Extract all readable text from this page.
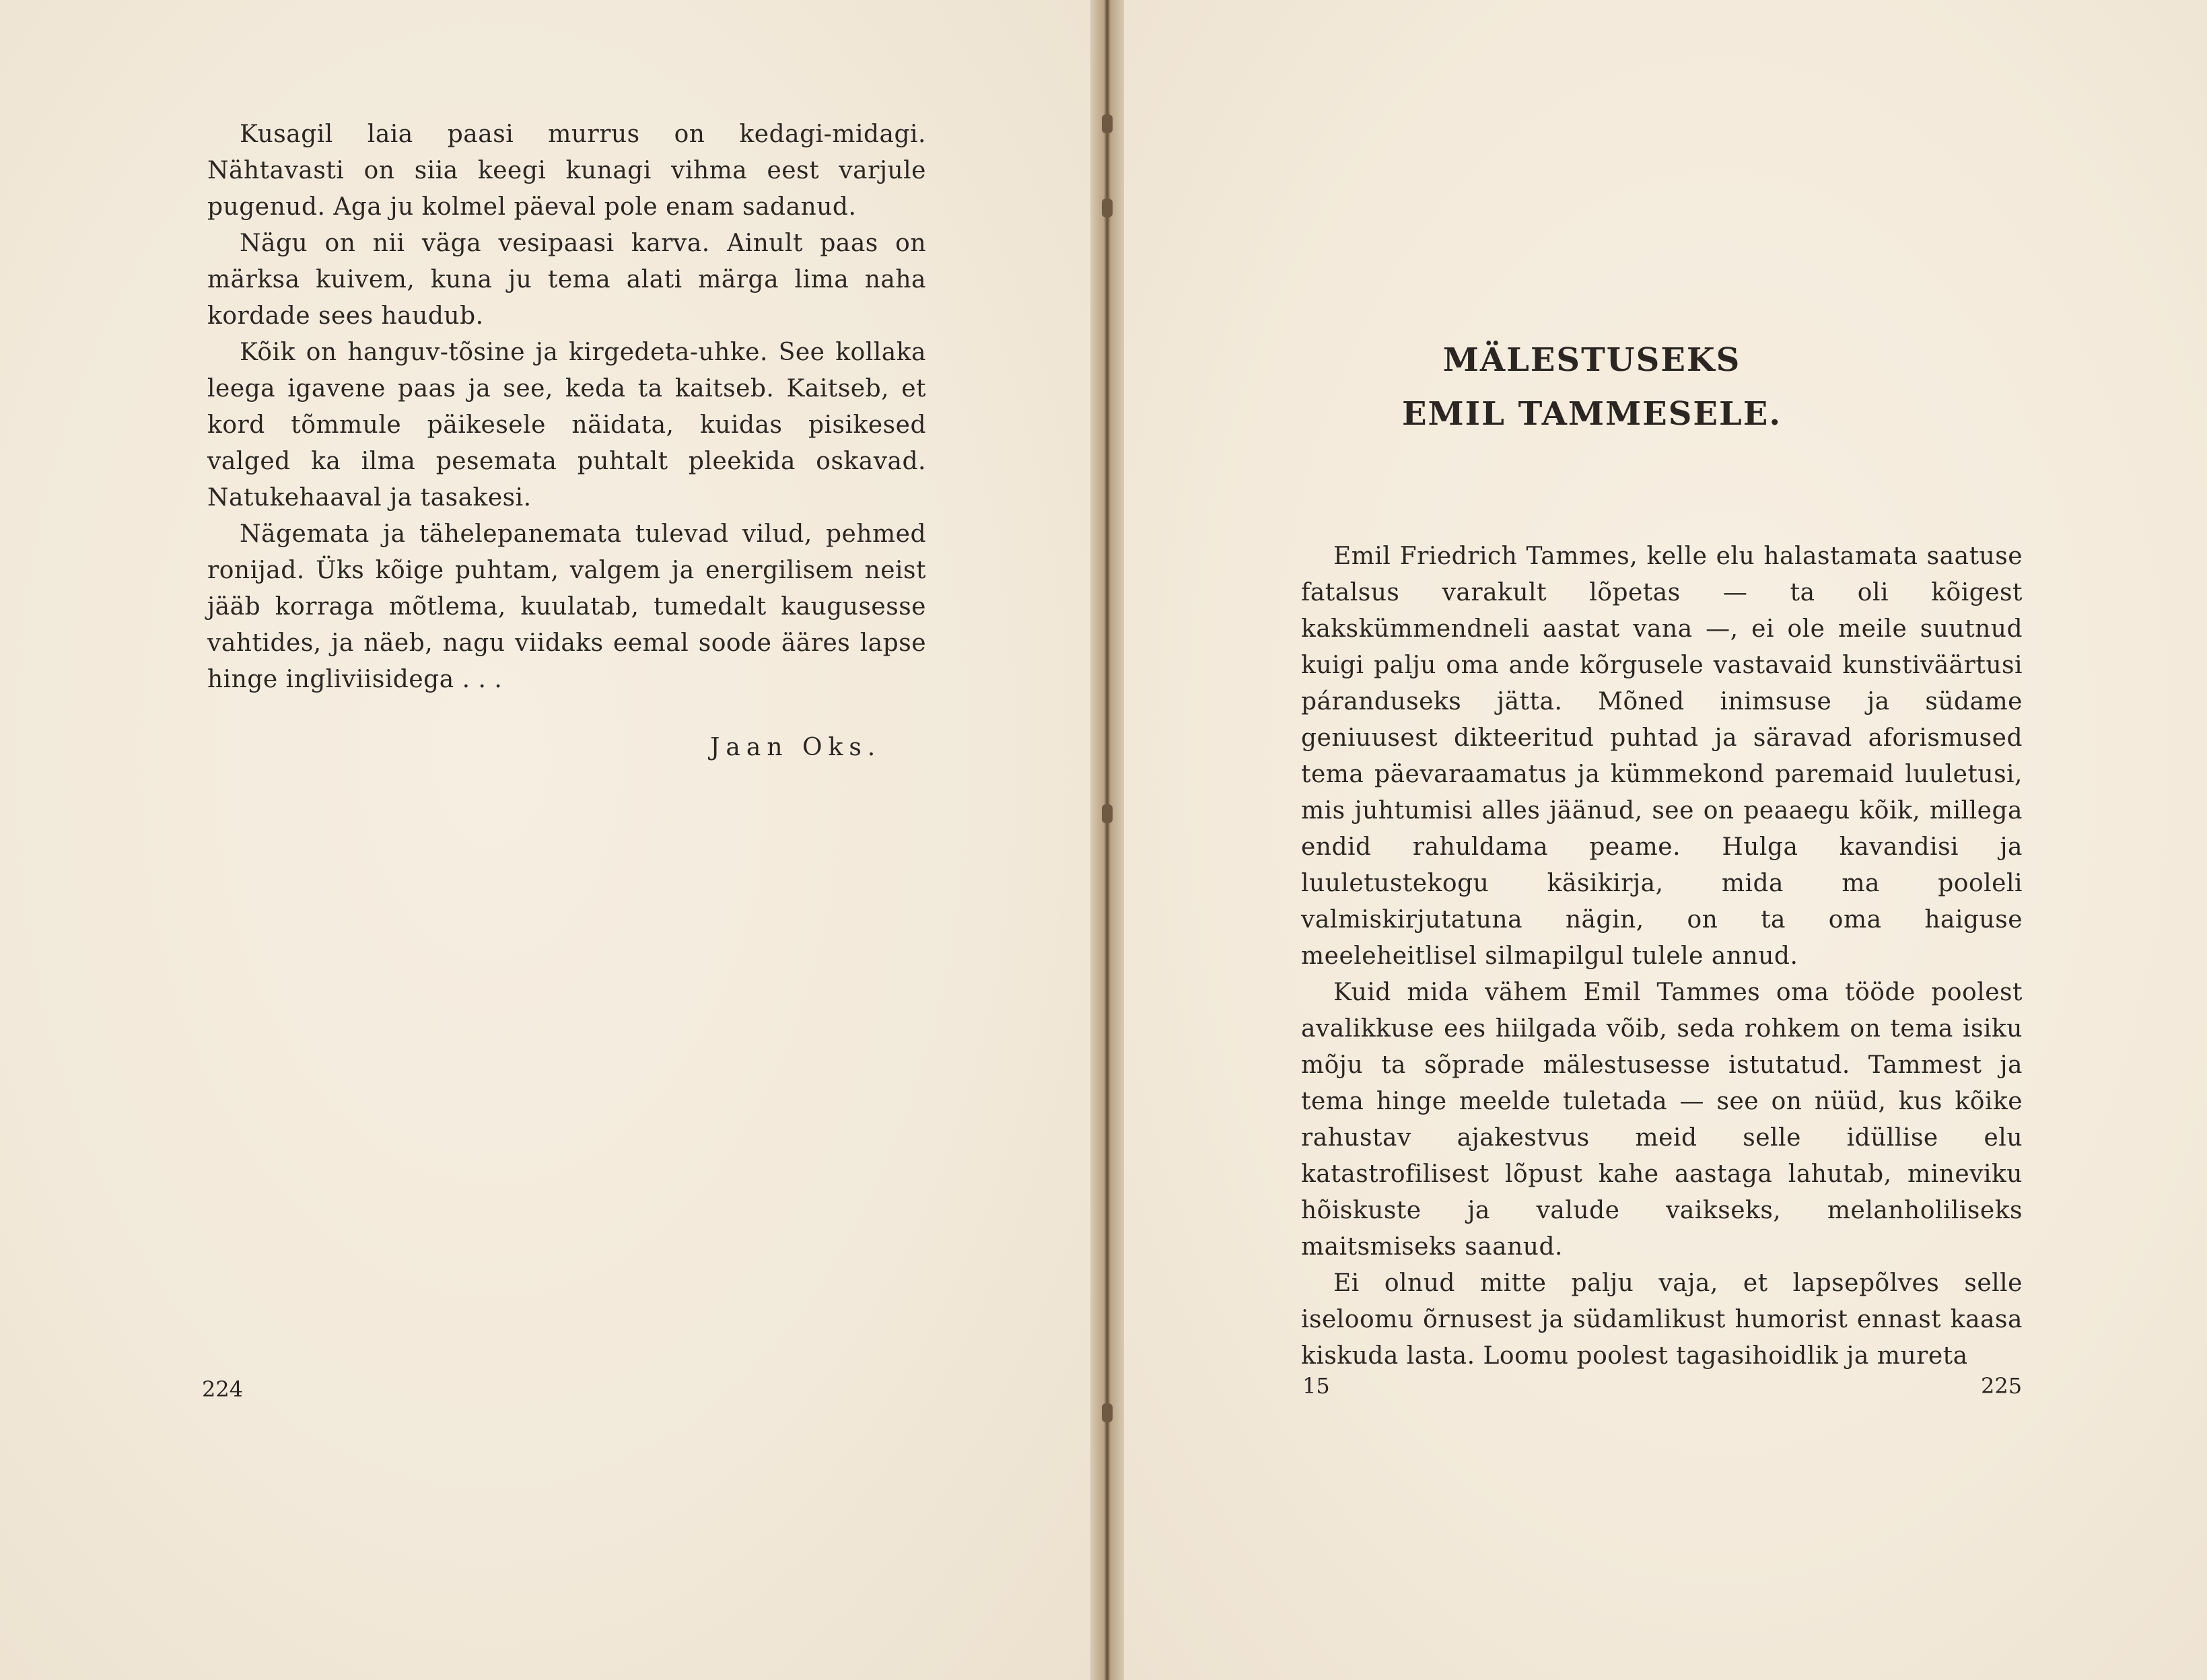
Kusagil laia paasi murrus on kedagi-midagi. Nähtavasti on siia keegi kunagi vihma eest varjule pugenud. Aga ju kolmel päeval pole enam sadanud.

Nägu on nii väga vesipaasi karva. Ainult paas on märksa kuivem, kuna ju tema alati märga lima naha kordade sees haudub.

Kõik on hanguv-tõsine ja kirgedeta-uhke. See kollaka leega igavene paas ja see, keda ta kaitseb. Kaitseb, et kord tõmmule päikesele näidata, kuidas pisikesed valged ka ilma pesemata puhtalt pleekida oskavad. Natukehaaval ja tasakesi.

Nägemata ja tähelepanemata tulevad vilud, pehmed ronijad. Üks kõige puhtam, valgem ja energilisem neist jääb korraga mõtlema, kuulatab, tumedalt kaugusesse vahtides, ja näeb, nagu viidaks eemal soode ääres lapse hinge ingliviisidega . . .

Jaan Oks.
224
MÄLESTUSEKS
EMIL TAMMESELE.

Emil Friedrich Tammes, kelle elu halastamata saatuse fatalsus varakult lõpetas — ta oli kõigest kakskümmendneli aastat vana —, ei ole meile suutnud kuigi palju oma ande kõrgusele vastavaid kunstiväärtusi páranduseks jätta. Mõned inimsuse ja südame geniuusest dikteeritud puhtad ja säravad aforismused tema päevaraamatus ja kümmekond paremaid luuletusi, mis juhtumisi alles jäänud, see on peaaegu kõik, millega endid rahuldama peame. Hulga kavandisi ja luuletustekogu käsikirja, mida ma pooleli valmiskirjutatuna nägin, on ta oma haiguse meeleheitlisel silmapilgul tulele annud.

Kuid mida vähem Emil Tammes oma tööde poolest avalikkuse ees hiilgada võib, seda rohkem on tema isiku mõju ta sõprade mälestusesse istutatud. Tammest ja tema hinge meelde tuletada — see on nüüd, kus kõike rahustav ajakestvus meid selle idüllise elu katastrofilisest lõpust kahe aastaga lahutab, mineviku hõiskuste ja valude vaikseks, melanholiliseks maitsmiseks saanud.

Ei olnud mitte palju vaja, et lapsepõlves selle iseloomu õrnusest ja südamlikust humorist ennast kaasa kiskuda lasta. Loomu poolest tagasihoidlik ja mureta

15	225
